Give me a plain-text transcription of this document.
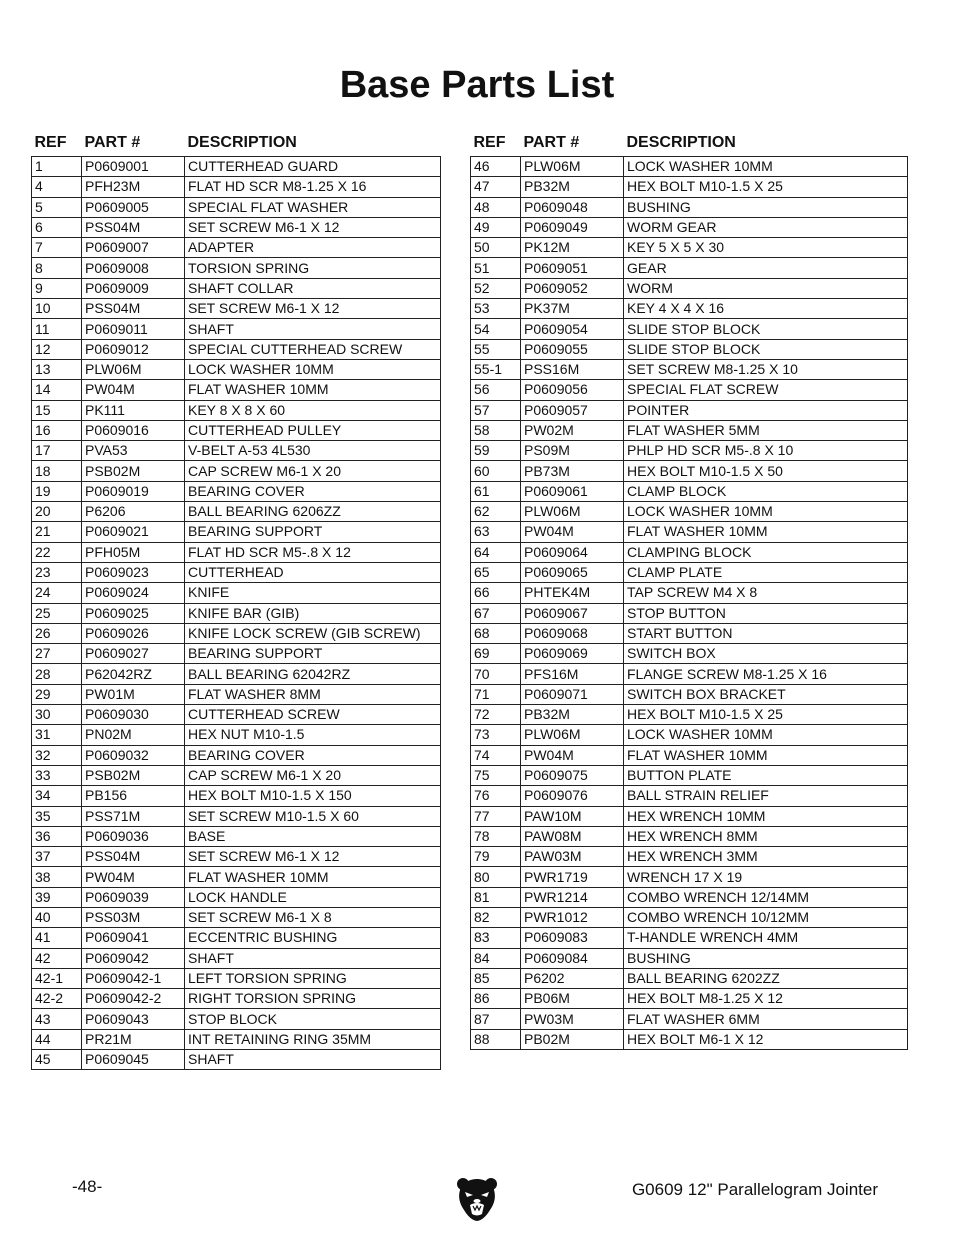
Base Parts List
REF	PART #	DESCRIPTION
1	P0609001	CUTTERHEAD GUARD
4	PFH23M	FLAT HD SCR M8-1.25 X 16
5	P0609005	SPECIAL FLAT WASHER
6	PSS04M	SET SCREW M6-1 X 12
7	P0609007	ADAPTER
8	P0609008	TORSION SPRING
9	P0609009	SHAFT COLLAR
10	PSS04M	SET SCREW M6-1 X 12
11	P0609011	SHAFT
12	P0609012	SPECIAL CUTTERHEAD SCREW
13	PLW06M	LOCK WASHER 10MM
14	PW04M	FLAT WASHER 10MM
15	PK111	KEY 8 X 8 X 60
16	P0609016	CUTTERHEAD PULLEY
17	PVA53	V-BELT A-53 4L530
18	PSB02M	CAP SCREW M6-1 X 20
19	P0609019	BEARING COVER
20	P6206	BALL BEARING 6206ZZ
21	P0609021	BEARING SUPPORT
22	PFH05M	FLAT HD SCR M5-.8 X 12
23	P0609023	CUTTERHEAD
24	P0609024	KNIFE
25	P0609025	KNIFE BAR (GIB)
26	P0609026	KNIFE LOCK SCREW (GIB SCREW)
27	P0609027	BEARING SUPPORT
28	P62042RZ	BALL BEARING 62042RZ
29	PW01M	FLAT WASHER 8MM
30	P0609030	CUTTERHEAD SCREW
31	PN02M	HEX NUT M10-1.5
32	P0609032	BEARING COVER
33	PSB02M	CAP SCREW M6-1 X 20
34	PB156	HEX BOLT M10-1.5 X 150
35	PSS71M	SET SCREW M10-1.5 X 60
36	P0609036	BASE
37	PSS04M	SET SCREW M6-1 X 12
38	PW04M	FLAT WASHER 10MM
39	P0609039	LOCK HANDLE
40	PSS03M	SET SCREW M6-1 X 8
41	P0609041	ECCENTRIC BUSHING
42	P0609042	SHAFT
42-1	P0609042-1	LEFT TORSION SPRING
42-2	P0609042-2	RIGHT TORSION SPRING
43	P0609043	STOP BLOCK
44	PR21M	INT RETAINING RING 35MM
45	P0609045	SHAFT
REF	PART #	DESCRIPTION
46	PLW06M	LOCK WASHER 10MM
47	PB32M	HEX BOLT M10-1.5 X 25
48	P0609048	BUSHING
49	P0609049	WORM GEAR
50	PK12M	KEY 5 X 5 X 30
51	P0609051	GEAR
52	P0609052	WORM
53	PK37M	KEY 4 X 4 X 16
54	P0609054	SLIDE STOP BLOCK
55	P0609055	SLIDE STOP BLOCK
55-1	PSS16M	SET SCREW M8-1.25 X 10
56	P0609056	SPECIAL FLAT SCREW
57	P0609057	POINTER
58	PW02M	FLAT WASHER 5MM
59	PS09M	PHLP HD SCR M5-.8 X 10
60	PB73M	HEX BOLT M10-1.5 X 50
61	P0609061	CLAMP BLOCK
62	PLW06M	LOCK WASHER 10MM
63	PW04M	FLAT WASHER 10MM
64	P0609064	CLAMPING BLOCK
65	P0609065	CLAMP PLATE
66	PHTEK4M	TAP SCREW M4 X 8
67	P0609067	STOP BUTTON
68	P0609068	START BUTTON
69	P0609069	SWITCH BOX
70	PFS16M	FLANGE SCREW M8-1.25 X 16
71	P0609071	SWITCH BOX BRACKET
72	PB32M	HEX BOLT M10-1.5 X 25
73	PLW06M	LOCK WASHER 10MM
74	PW04M	FLAT WASHER 10MM
75	P0609075	BUTTON PLATE
76	P0609076	BALL STRAIN RELIEF
77	PAW10M	HEX WRENCH 10MM
78	PAW08M	HEX WRENCH 8MM
79	PAW03M	HEX WRENCH 3MM
80	PWR1719	WRENCH 17 X 19
81	PWR1214	COMBO WRENCH 12/14MM
82	PWR1012	COMBO WRENCH 10/12MM
83	P0609083	T-HANDLE WRENCH 4MM
84	P0609084	BUSHING
85	P6202	BALL BEARING 6202ZZ
86	PB06M	HEX BOLT M8-1.25 X 12
87	PW03M	FLAT WASHER 6MM
88	PB02M	HEX BOLT M6-1 X 12
-48-	G0609 12" Parallelogram Jointer
